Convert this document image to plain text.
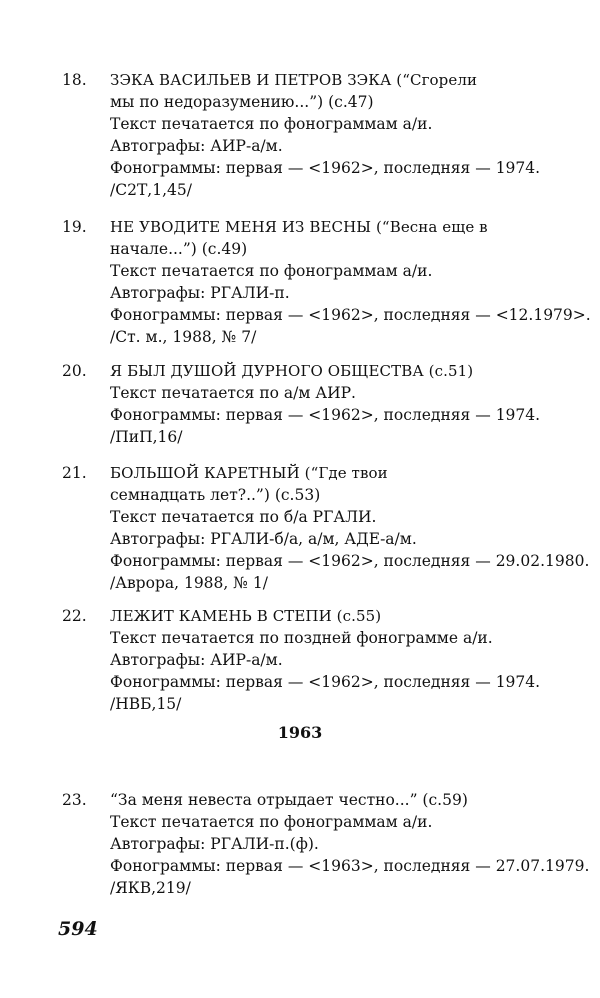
18.	ЗЭКА ВАСИЛЬЕВ И ПЕТРОВ ЗЭКА (“Сгорели
мы по недоразумению...”) (с.47)
Текст печатается по фонограммам а/и.
Автографы: АИР-а/м.
Фонограммы: первая — <1962>, последняя — 1974.
/С2Т,1,45/
19.	НЕ УВОДИТЕ МЕНЯ ИЗ ВЕСНЫ (“Весна еще в
начале...”) (с.49)
Текст печатается по фонограммам а/и.
Автографы: РГАЛИ-п.
Фонограммы: первая — <1962>, последняя — <12.1979>.
/Ст. м., 1988, № 7/
20.	Я БЫЛ ДУШОЙ ДУРНОГО ОБЩЕСТВА (с.51)
Текст печатается по а/м АИР.
Фонограммы: первая — <1962>, последняя — 1974.
/ПиП,16/
21.	БОЛЬШОЙ КАРЕТНЫЙ (“Где твои
семнадцать лет?..”) (с.53)
Текст печатается по б/а РГАЛИ.
Автографы: РГАЛИ-б/а, а/м, АДЕ-а/м.
Фонограммы: первая — <1962>, последняя — 29.02.1980.
/Аврора, 1988, № 1/
22.	ЛЕЖИТ КАМЕНЬ В СТЕПИ (с.55)
Текст печатается по поздней фонограмме а/и.
Автографы: АИР-а/м.
Фонограммы: первая — <1962>, последняя — 1974.
/НВБ,15/
1963
23.	“За меня невеста отрыдает честно...” (с.59)
Текст печатается по фонограммам а/и.
Автографы: РГАЛИ-п.(ф).
Фонограммы: первая — <1963>, последняя — 27.07.1979.
/ЯКВ,219/
594
